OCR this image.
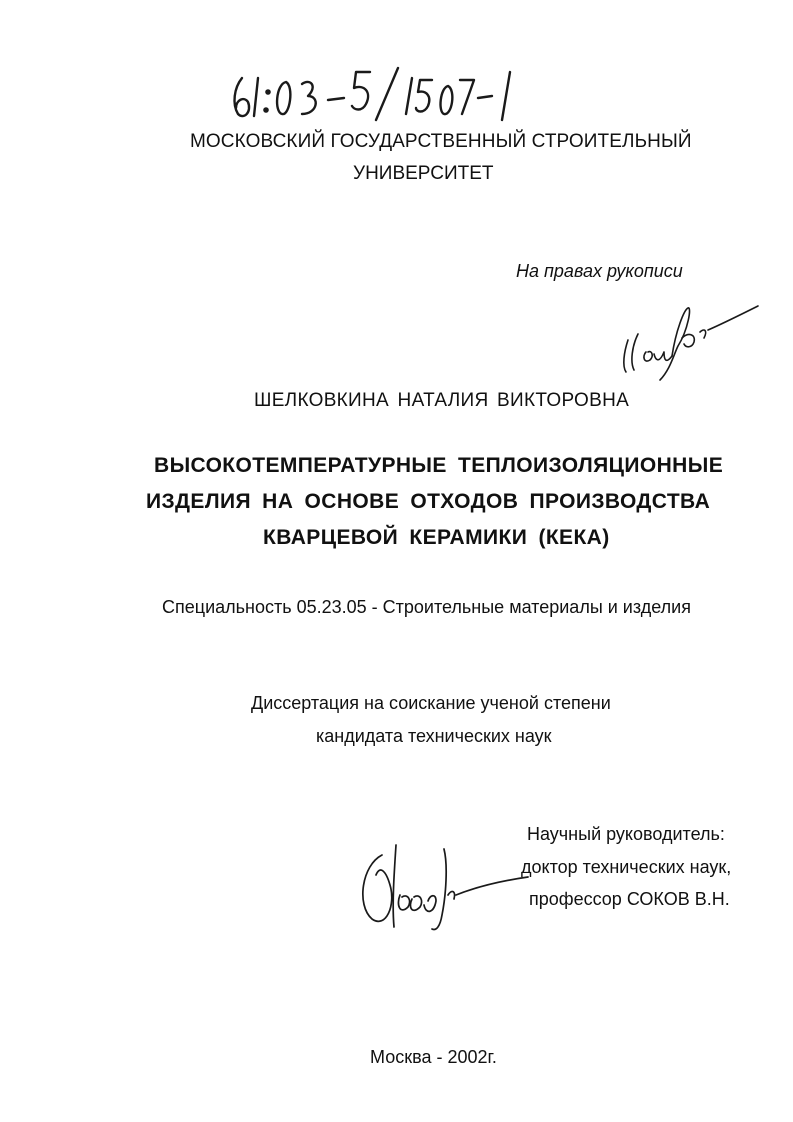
МОСКОВСКИЙ ГОСУДАРСТВЕННЫЙ СТРОИТЕЛЬНЫЙ
УНИВЕРСИТЕТ
На правах рукописи
ШЕЛКОВКИНА НАТАЛИЯ ВИКТОРОВНА
ВЫСОКОТЕМПЕРАТУРНЫЕ ТЕПЛОИЗОЛЯЦИОННЫЕ
ИЗДЕЛИЯ НА ОСНОВЕ ОТХОДОВ ПРОИЗВОДСТВА
КВАРЦЕВОЙ КЕРАМИКИ (КЕКА)
Специальность 05.23.05 - Строительные материалы и изделия
Диссертация на соискание ученой степени
кандидата технических наук
Научный руководитель:
доктор технических наук,
профессор СОКОВ В.Н.
Москва - 2002г.
